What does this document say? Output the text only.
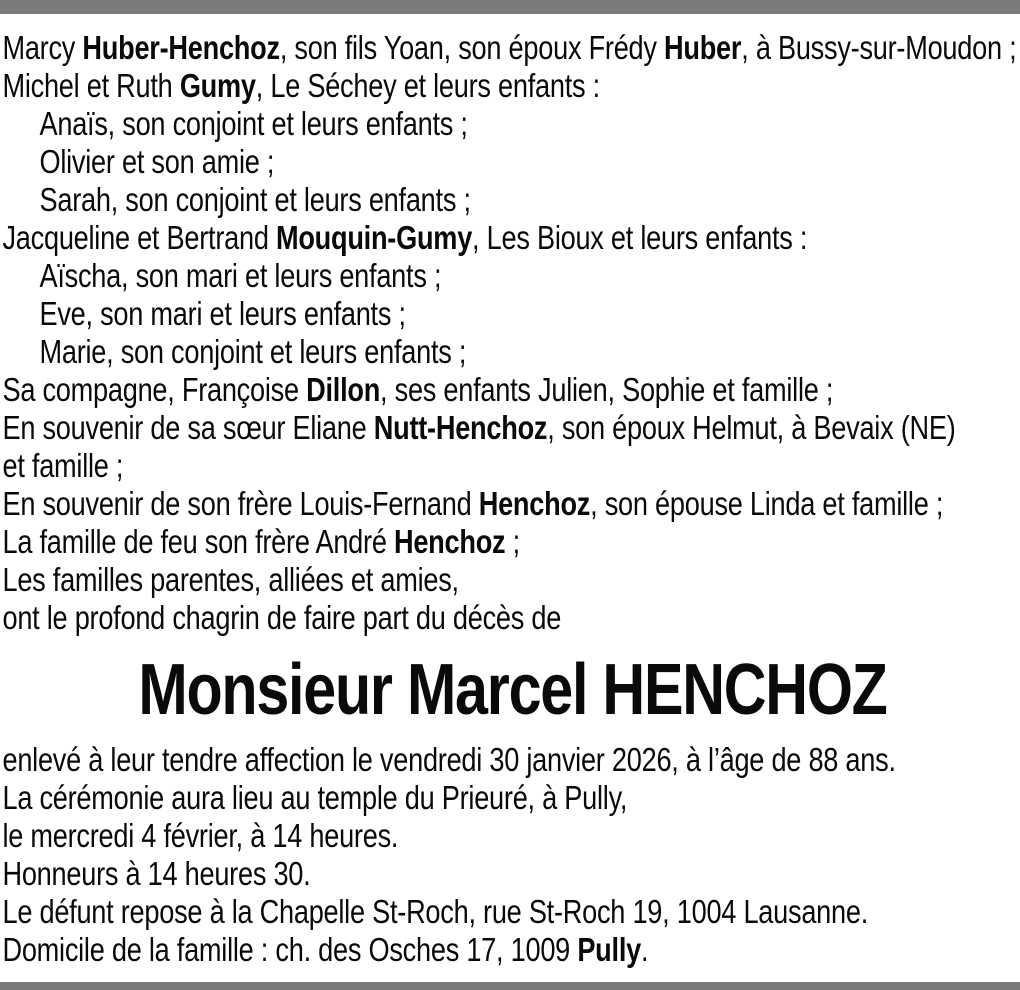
Marcy Huber-Henchoz, son fils Yoan, son époux Frédy Huber, à Bussy-sur-Moudon ;
Michel et Ruth Gumy, Le Séchey et leurs enfants :
Anaïs, son conjoint et leurs enfants ;
Olivier et son amie ;
Sarah, son conjoint et leurs enfants ;
Jacqueline et Bertrand Mouquin-Gumy, Les Bioux et leurs enfants :
Aïscha, son mari et leurs enfants ;
Eve, son mari et leurs enfants ;
Marie, son conjoint et leurs enfants ;
Sa compagne, Françoise Dillon, ses enfants Julien, Sophie et famille ;
En souvenir de sa sœur Eliane Nutt-Henchoz, son époux Helmut, à Bevaix (NE)
et famille ;
En souvenir de son frère Louis-Fernand Henchoz, son épouse Linda et famille ;
La famille de feu son frère André Henchoz ;
Les familles parentes, alliées et amies,
ont le profond chagrin de faire part du décès de
Monsieur Marcel HENCHOZ
enlevé à leur tendre affection le vendredi 30 janvier 2026, à l’âge de 88 ans.
La cérémonie aura lieu au temple du Prieuré, à Pully,
le mercredi 4 février, à 14 heures.
Honneurs à 14 heures 30.
Le défunt repose à la Chapelle St-Roch, rue St-Roch 19, 1004 Lausanne.
Domicile de la famille : ch. des Osches 17, 1009 Pully.
